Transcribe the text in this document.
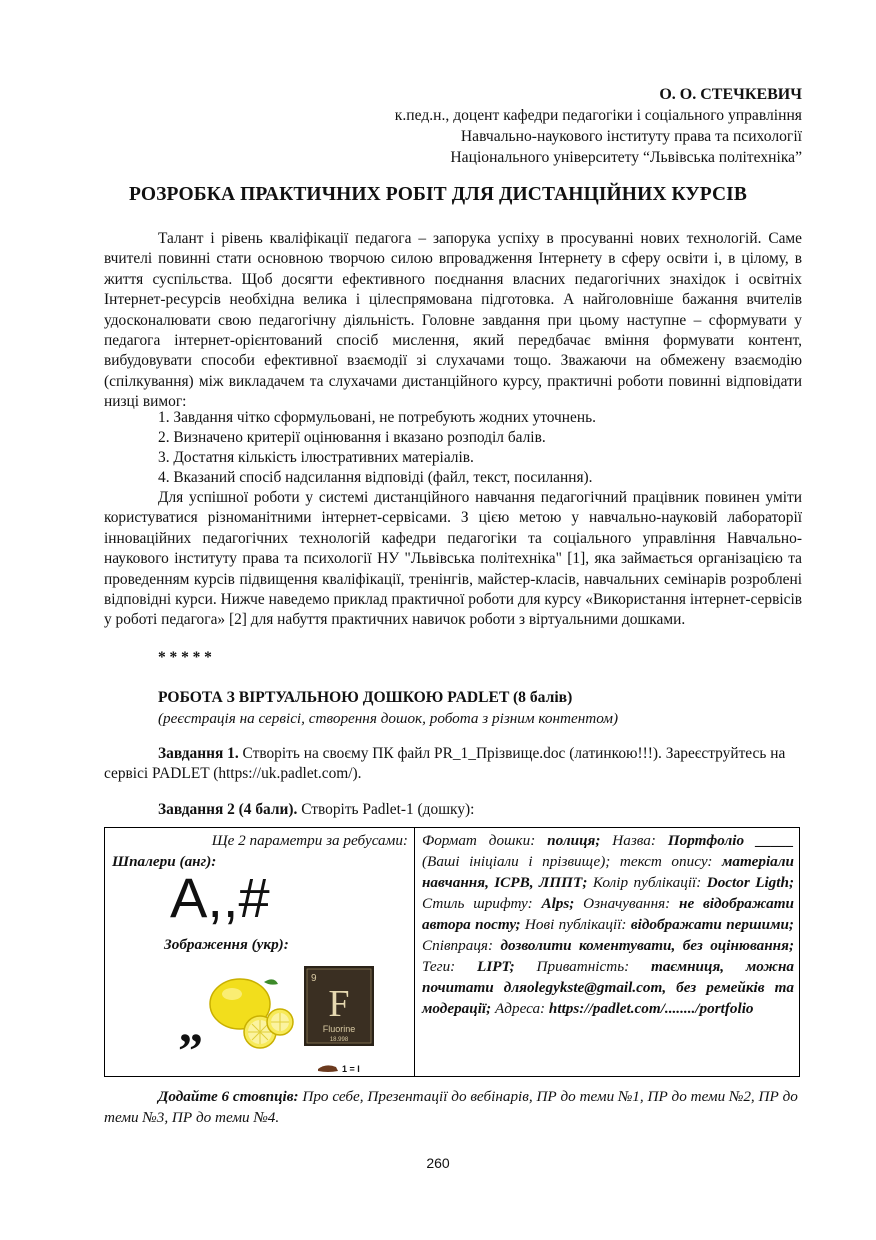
О. О. СТЕЧКЕВИЧ
к.пед.н., доцент кафедри педагогіки і соціального управління
Навчально-наукового інституту права та психології
Національного університету “Львівська політехніка”
РОЗРОБКА ПРАКТИЧНИХ РОБІТ ДЛЯ ДИСТАНЦІЙНИХ КУРСІВ
Талант і рівень кваліфікації педагога – запорука успіху в просуванні нових технологій. Саме вчителі повинні стати основною творчою силою впровадження Інтернету в сферу освіти і, в цілому, в життя суспільства. Щоб досягти ефективного поєднання власних педагогічних знахідок і освітніх Інтернет-ресурсів необхідна велика і цілеспрямована підготовка. А найголовніше бажання вчителів удосконалювати свою педагогічну діяльність. Головне завдання при цьому наступне – сформувати у педагога інтернет-орієнтований спосіб мислення, який передбачає вміння формувати контент, вибудовувати способи ефективної взаємодії зі слухачами тощо. Зважаючи на обмежену взаємодію (спілкування) між викладачем та слухачами дистанційного курсу, практичні роботи повинні відповідати низці вимог:
1. Завдання чітко сформульовані, не потребують жодних уточнень.
2. Визначено критерії оцінювання і вказано розподіл балів.
3. Достатня кількість ілюстративних матеріалів.
4. Вказаний спосіб надсилання відповіді (файл, текст, посилання).
Для успішної роботи у системі дистанційного навчання педагогічний працівник повинен уміти користуватися різноманітними інтернет-сервісами. З цією метою у навчально-науковій лабораторії інноваційних педагогічних технологій кафедри педагогіки та соціального управління Навчально-наукового інституту права та психології НУ "Львівська політехніка" [1], яка займається організацією та проведенням курсів підвищення кваліфікації, тренінгів, майстер-класів, навчальних семінарів розроблені відповідні курси. Нижче наведемо приклад практичної роботи для курсу «Використання інтернет-сервісів у роботі педагога» [2] для набуття практичних навичок роботи з віртуальними дошками.
* * * * *
РОБОТА З ВІРТУАЛЬНОЮ ДОШКОЮ PADLET (8 балів)
(реєстрація на сервісі, створення дошок, робота з різним контентом)
Завдання 1. Створіть на своєму ПК файл PR_1_Прізвище.doc (латинкою!!!). Зареєструйтесь на сервісі PADLET (https://uk.padlet.com/).
Завдання 2 (4 бали). Створіть Padlet-1 (дошку):
Ще 2 параметри за ребусами:
Шпалери (анг):
A,,#
Зображення (укр):
9
F
Fluorine
18.998
1 = I
”
Формат дошки: полиця; Назва: Портфоліо _____ (Ваші ініціали і прізвище); текст опису: матеріали навчання, ІСРВ, ЛППТ; Колір публікації: Doctor Ligth; Стиль шрифту: Alps; Означування: не відображати автора посту; Нові публікації: відображати першими; Співпраця: дозволити коментувати, без оцінювання; Теги: LIPT; Приватність: таємниця, можна почитати дляolegykste@gmail.com, без ремейків та модерації; Адреса: https://padlet.com/......../portfolio
Додайте 6 стовпців: Про себе, Презентації до вебінарів, ПР до теми №1, ПР до теми №2, ПР до теми №3, ПР до теми №4.
260
